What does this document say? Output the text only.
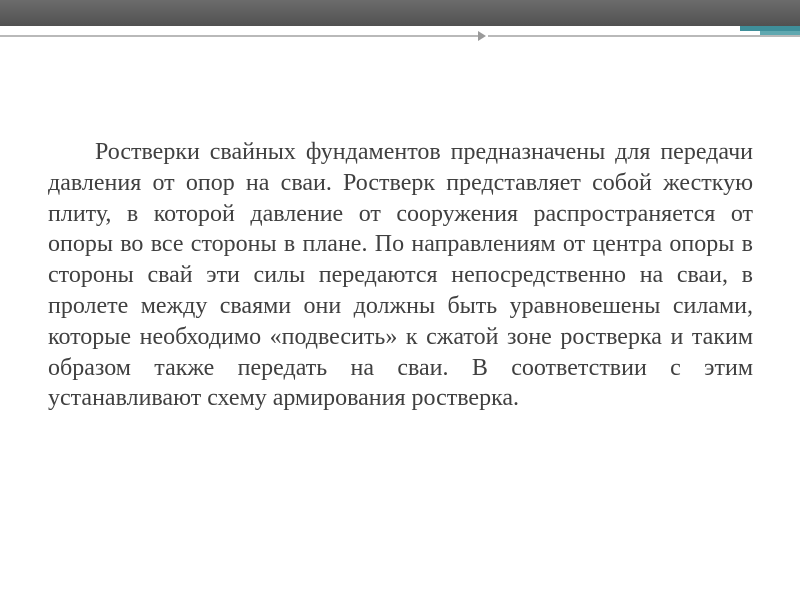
Ростверки свайных фундаментов предназначены для передачи давления от опор на сваи. Ростверк представляет собой жесткую плиту, в которой давление от сооружения распространяется от опоры во все стороны в плане. По направлениям от центра опоры в стороны свай эти силы передаются непосредственно на сваи, в пролете между сваями они должны быть уравновешены силами, которые необходимо «подвесить» к сжатой зоне ростверка и таким образом также передать на сваи. В соответствии с этим устанавливают схему армирования ростверка.
